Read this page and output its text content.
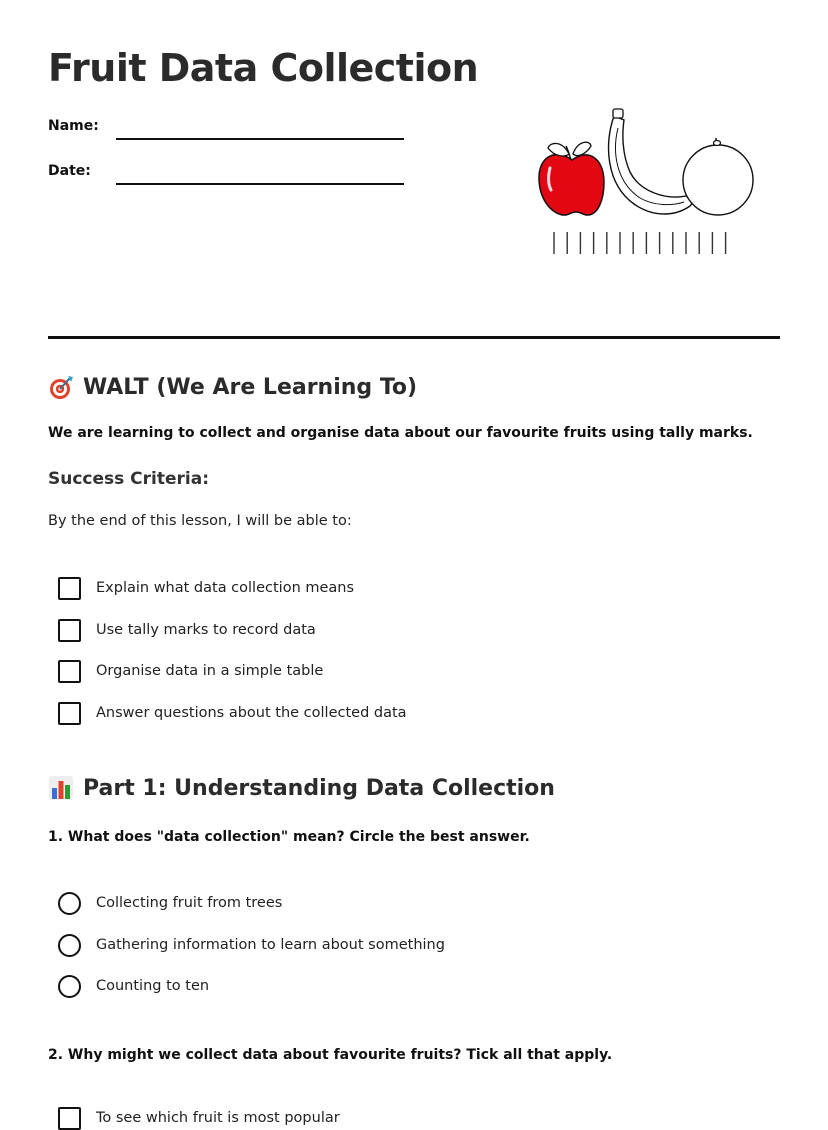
Fruit Data Collection
Name:
Date:
WALT (We Are Learning To)
We are learning to collect and organise data about our favourite fruits using tally marks.
Success Criteria:
By the end of this lesson, I will be able to:
Explain what data collection means
Use tally marks to record data
Organise data in a simple table
Answer questions about the collected data
Part 1: Understanding Data Collection
1. What does "data collection" mean? Circle the best answer.
Collecting fruit from trees
Gathering information to learn about something
Counting to ten
2. Why might we collect data about favourite fruits? Tick all that apply.
To see which fruit is most popular
